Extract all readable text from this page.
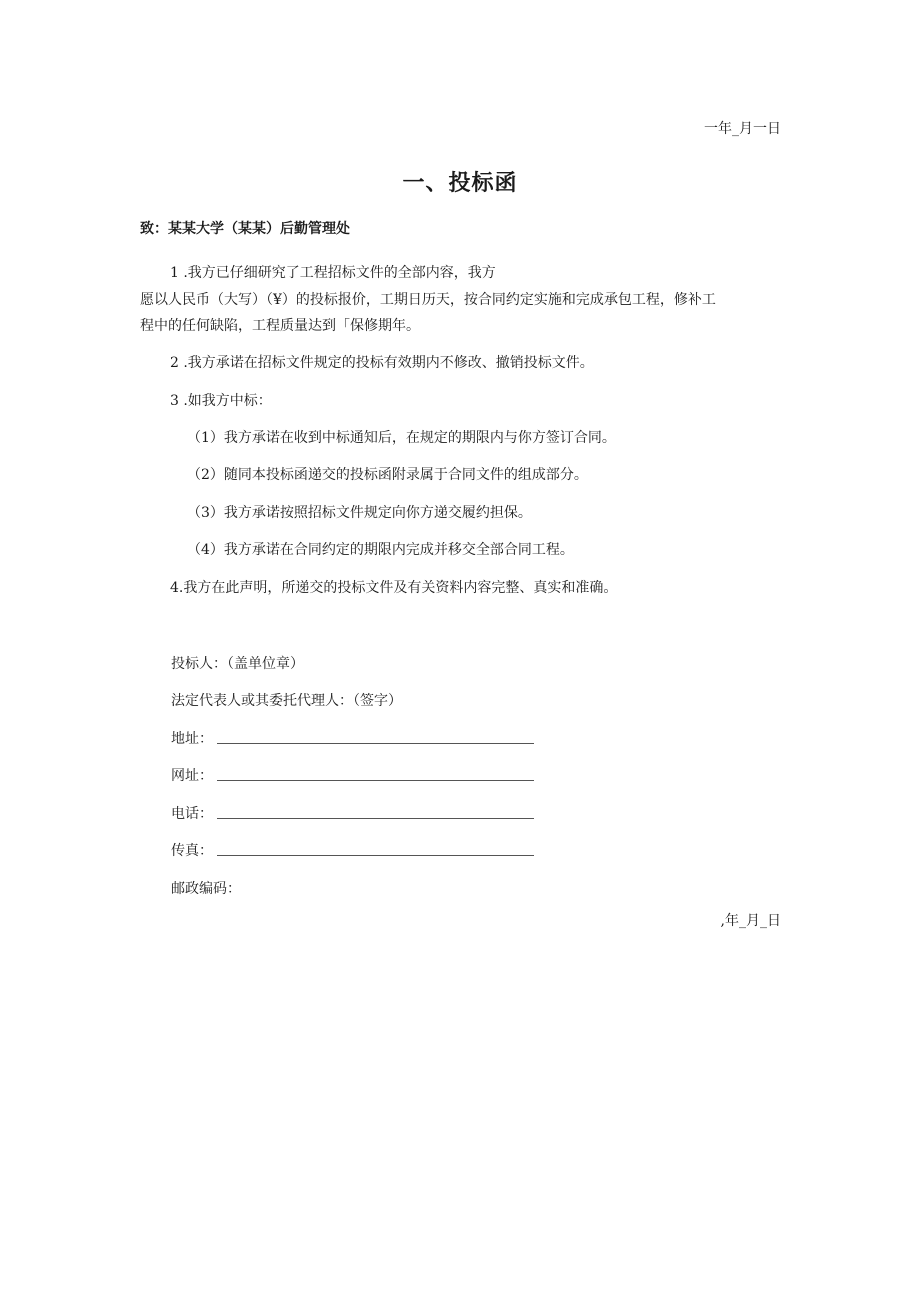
一年_月一日
一、投标函
致：某某大学（某某）后勤管理处
1 .我方已仔细研究了工程招标文件的全部内容，我方
愿以人民币（大写）（¥）的投标报价，工期日历天，按合同约定实施和完成承包工程，修补工
程中的任何缺陷，工程质量达到「保修期年。
2 .我方承诺在招标文件规定的投标有效期内不修改、撤销投标文件。
3 .如我方中标：
（1）我方承诺在收到中标通知后，在规定的期限内与你方签订合同。
（2）随同本投标函递交的投标函附录属于合同文件的组成部分。
（3）我方承诺按照招标文件规定向你方递交履约担保。
（4）我方承诺在合同约定的期限内完成并移交全部合同工程。
4.我方在此声明，所递交的投标文件及有关资料内容完整、真实和准确。
投标人：（盖单位章）
法定代表人或其委托代理人：（签字）
地址：
网址：
电话：
传真：
邮政编码：
,年_月_日
